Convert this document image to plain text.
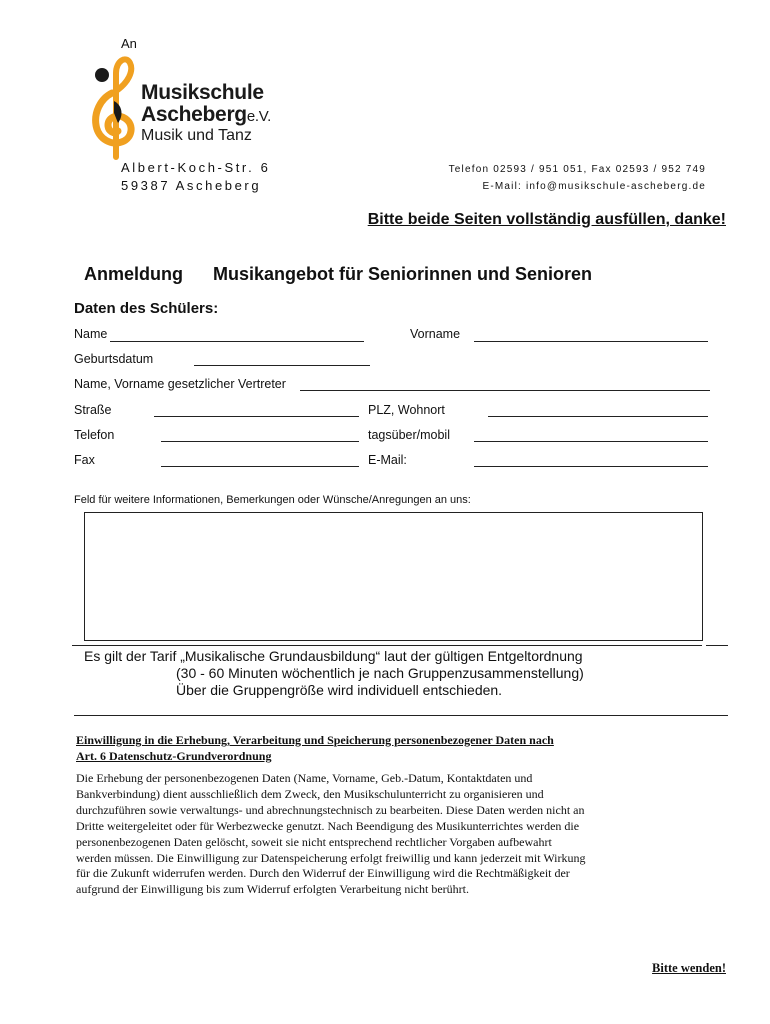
An
Musikschule
Ascheberge.V.
Musik und Tanz
Albert-Koch-Str. 6
59387 Ascheberg
Telefon 02593 / 951 051, Fax 02593 / 952 749
E-Mail: info@musikschule-ascheberg.de
Bitte beide Seiten vollständig ausfüllen, danke!
Anmeldung Musikangebot für Seniorinnen und Senioren
Daten des Schülers:
Name	Vorname
Geburtsdatum
Name, Vorname gesetzlicher Vertreter
Straße	PLZ, Wohnort
Telefon	tagsüber/mobil
Fax	E-Mail:
Feld für weitere Informationen, Bemerkungen oder Wünsche/Anregungen an uns:
Es gilt der Tarif „Musikalische Grundausbildung“ laut der gültigen Entgeltordnung
(30 - 60 Minuten wöchentlich je nach Gruppenzusammenstellung)
Über die Gruppengröße wird individuell entschieden.
Einwilligung in die Erhebung, Verarbeitung und Speicherung personenbezogener Daten nach
Art. 6 Datenschutz-Grundverordnung
Die Erhebung der personenbezogenen Daten (Name, Vorname, Geb.-Datum, Kontaktdaten und
Bankverbindung) dient ausschließlich dem Zweck, den Musikschulunterricht zu organisieren und
durchzuführen sowie verwaltungs- und abrechnungstechnisch zu bearbeiten. Diese Daten werden nicht an
Dritte weitergeleitet oder für Werbezwecke genutzt. Nach Beendigung des Musikunterrichtes werden die
personenbezogenen Daten gelöscht, soweit sie nicht entsprechend rechtlicher Vorgaben aufbewahrt
werden müssen. Die Einwilligung zur Datenspeicherung erfolgt freiwillig und kann jederzeit mit Wirkung
für die Zukunft widerrufen werden. Durch den Widerruf der Einwilligung wird die Rechtmäßigkeit der
aufgrund der Einwilligung bis zum Widerruf erfolgten Verarbeitung nicht berührt.
Bitte wenden!
